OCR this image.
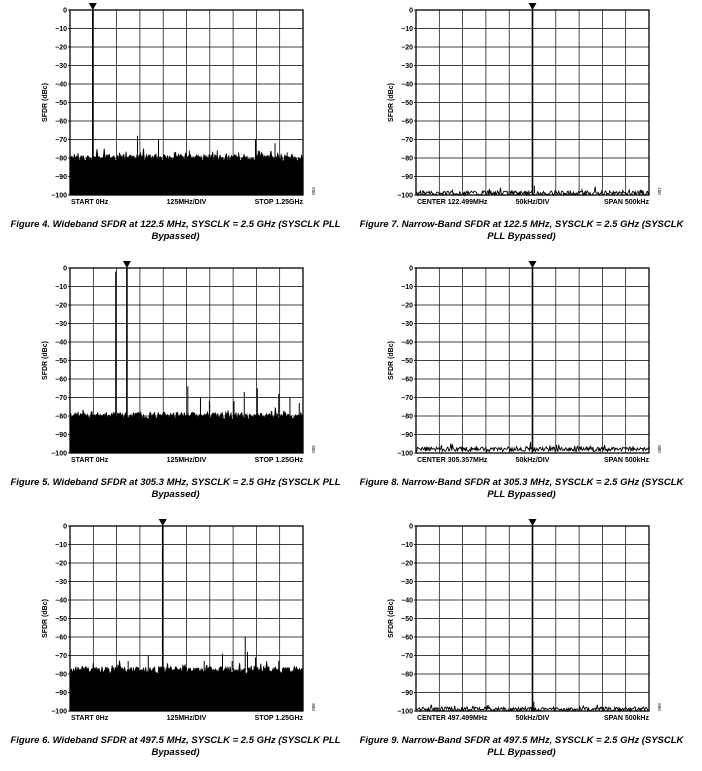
0
−10
−20
−30
−40
−50
−60
−70
−80
−90
−100
SFDR (dBc)
START 0Hz	125MHz/DIV	STOP 1.25GHz
004
Figure 4. Wideband SFDR at 122.5 MHz, SYSCLK = 2.5 GHz (SYSCLK PLL Bypassed)
0
−10
−20
−30
−40
−50
−60
−70
−80
−90
−100
SFDR (dBc)
CENTER 122.499MHz	50kHz/DIV	SPAN 500kHz
007
Figure 7. Narrow-Band SFDR at 122.5 MHz, SYSCLK = 2.5 GHz (SYSCLK PLL Bypassed)
0
−10
−20
−30
−40
−50
−60
−70
−80
−90
−100
SFDR (dBc)
START 0Hz	125MHz/DIV	STOP 1.25GHz
005
Figure 5. Wideband SFDR at 305.3 MHz, SYSCLK = 2.5 GHz (SYSCLK PLL Bypassed)
0
−10
−20
−30
−40
−50
−60
−70
−80
−90
−100
SFDR (dBc)
CENTER 305.357MHz	50kHz/DIV	SPAN 500kHz
008
Figure 8. Narrow-Band SFDR at 305.3 MHz, SYSCLK = 2.5 GHz (SYSCLK PLL Bypassed)
0
−10
−20
−30
−40
−50
−60
−70
−80
−90
−100
SFDR (dBc)
START 0Hz	125MHz/DIV	STOP 1.25GHz
006
Figure 6. Wideband SFDR at 497.5 MHz, SYSCLK = 2.5 GHz (SYSCLK PLL Bypassed)
0
−10
−20
−30
−40
−50
−60
−70
−80
−90
−100
SFDR (dBc)
CENTER 497.499MHz	50kHz/DIV	SPAN 500kHz
009
Figure 9. Narrow-Band SFDR at 497.5 MHz, SYSCLK = 2.5 GHz (SYSCLK PLL Bypassed)
